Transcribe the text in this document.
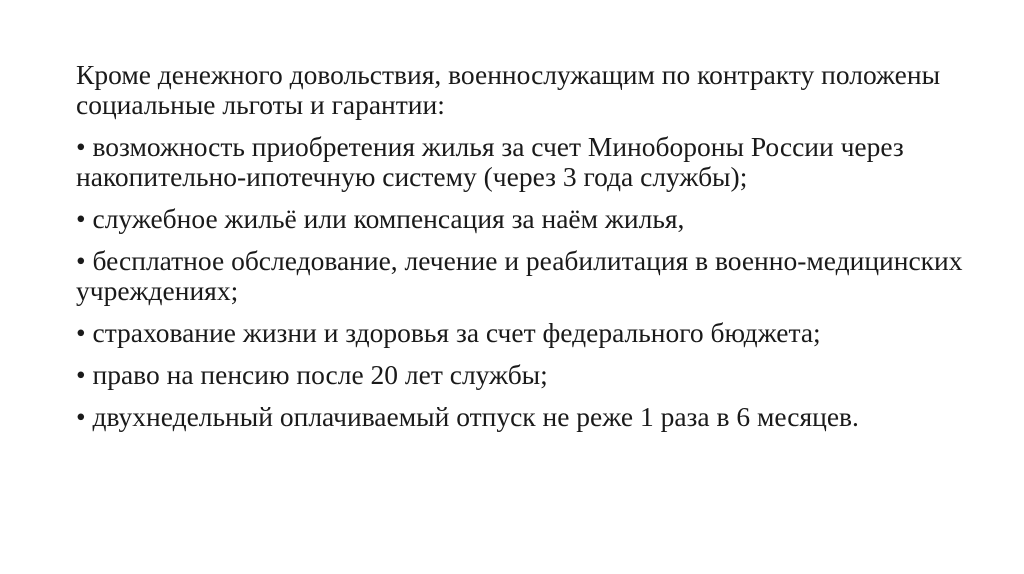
Кроме денежного довольствия, военнослужащим по контракту положены социальные льготы и гарантии:

• возможность приобретения жилья за счет Минобороны России через накопительно-ипотечную систему (через 3 года службы);

• служебное жильё или компенсация за наём жилья,

• бесплатное обследование, лечение и реабилитация в военно-медицинских учреждениях;

• страхование жизни и здоровья за счет федерального бюджета;

• право на пенсию после 20 лет службы;

• двухнедельный оплачиваемый отпуск не реже 1 раза в 6 месяцев.
